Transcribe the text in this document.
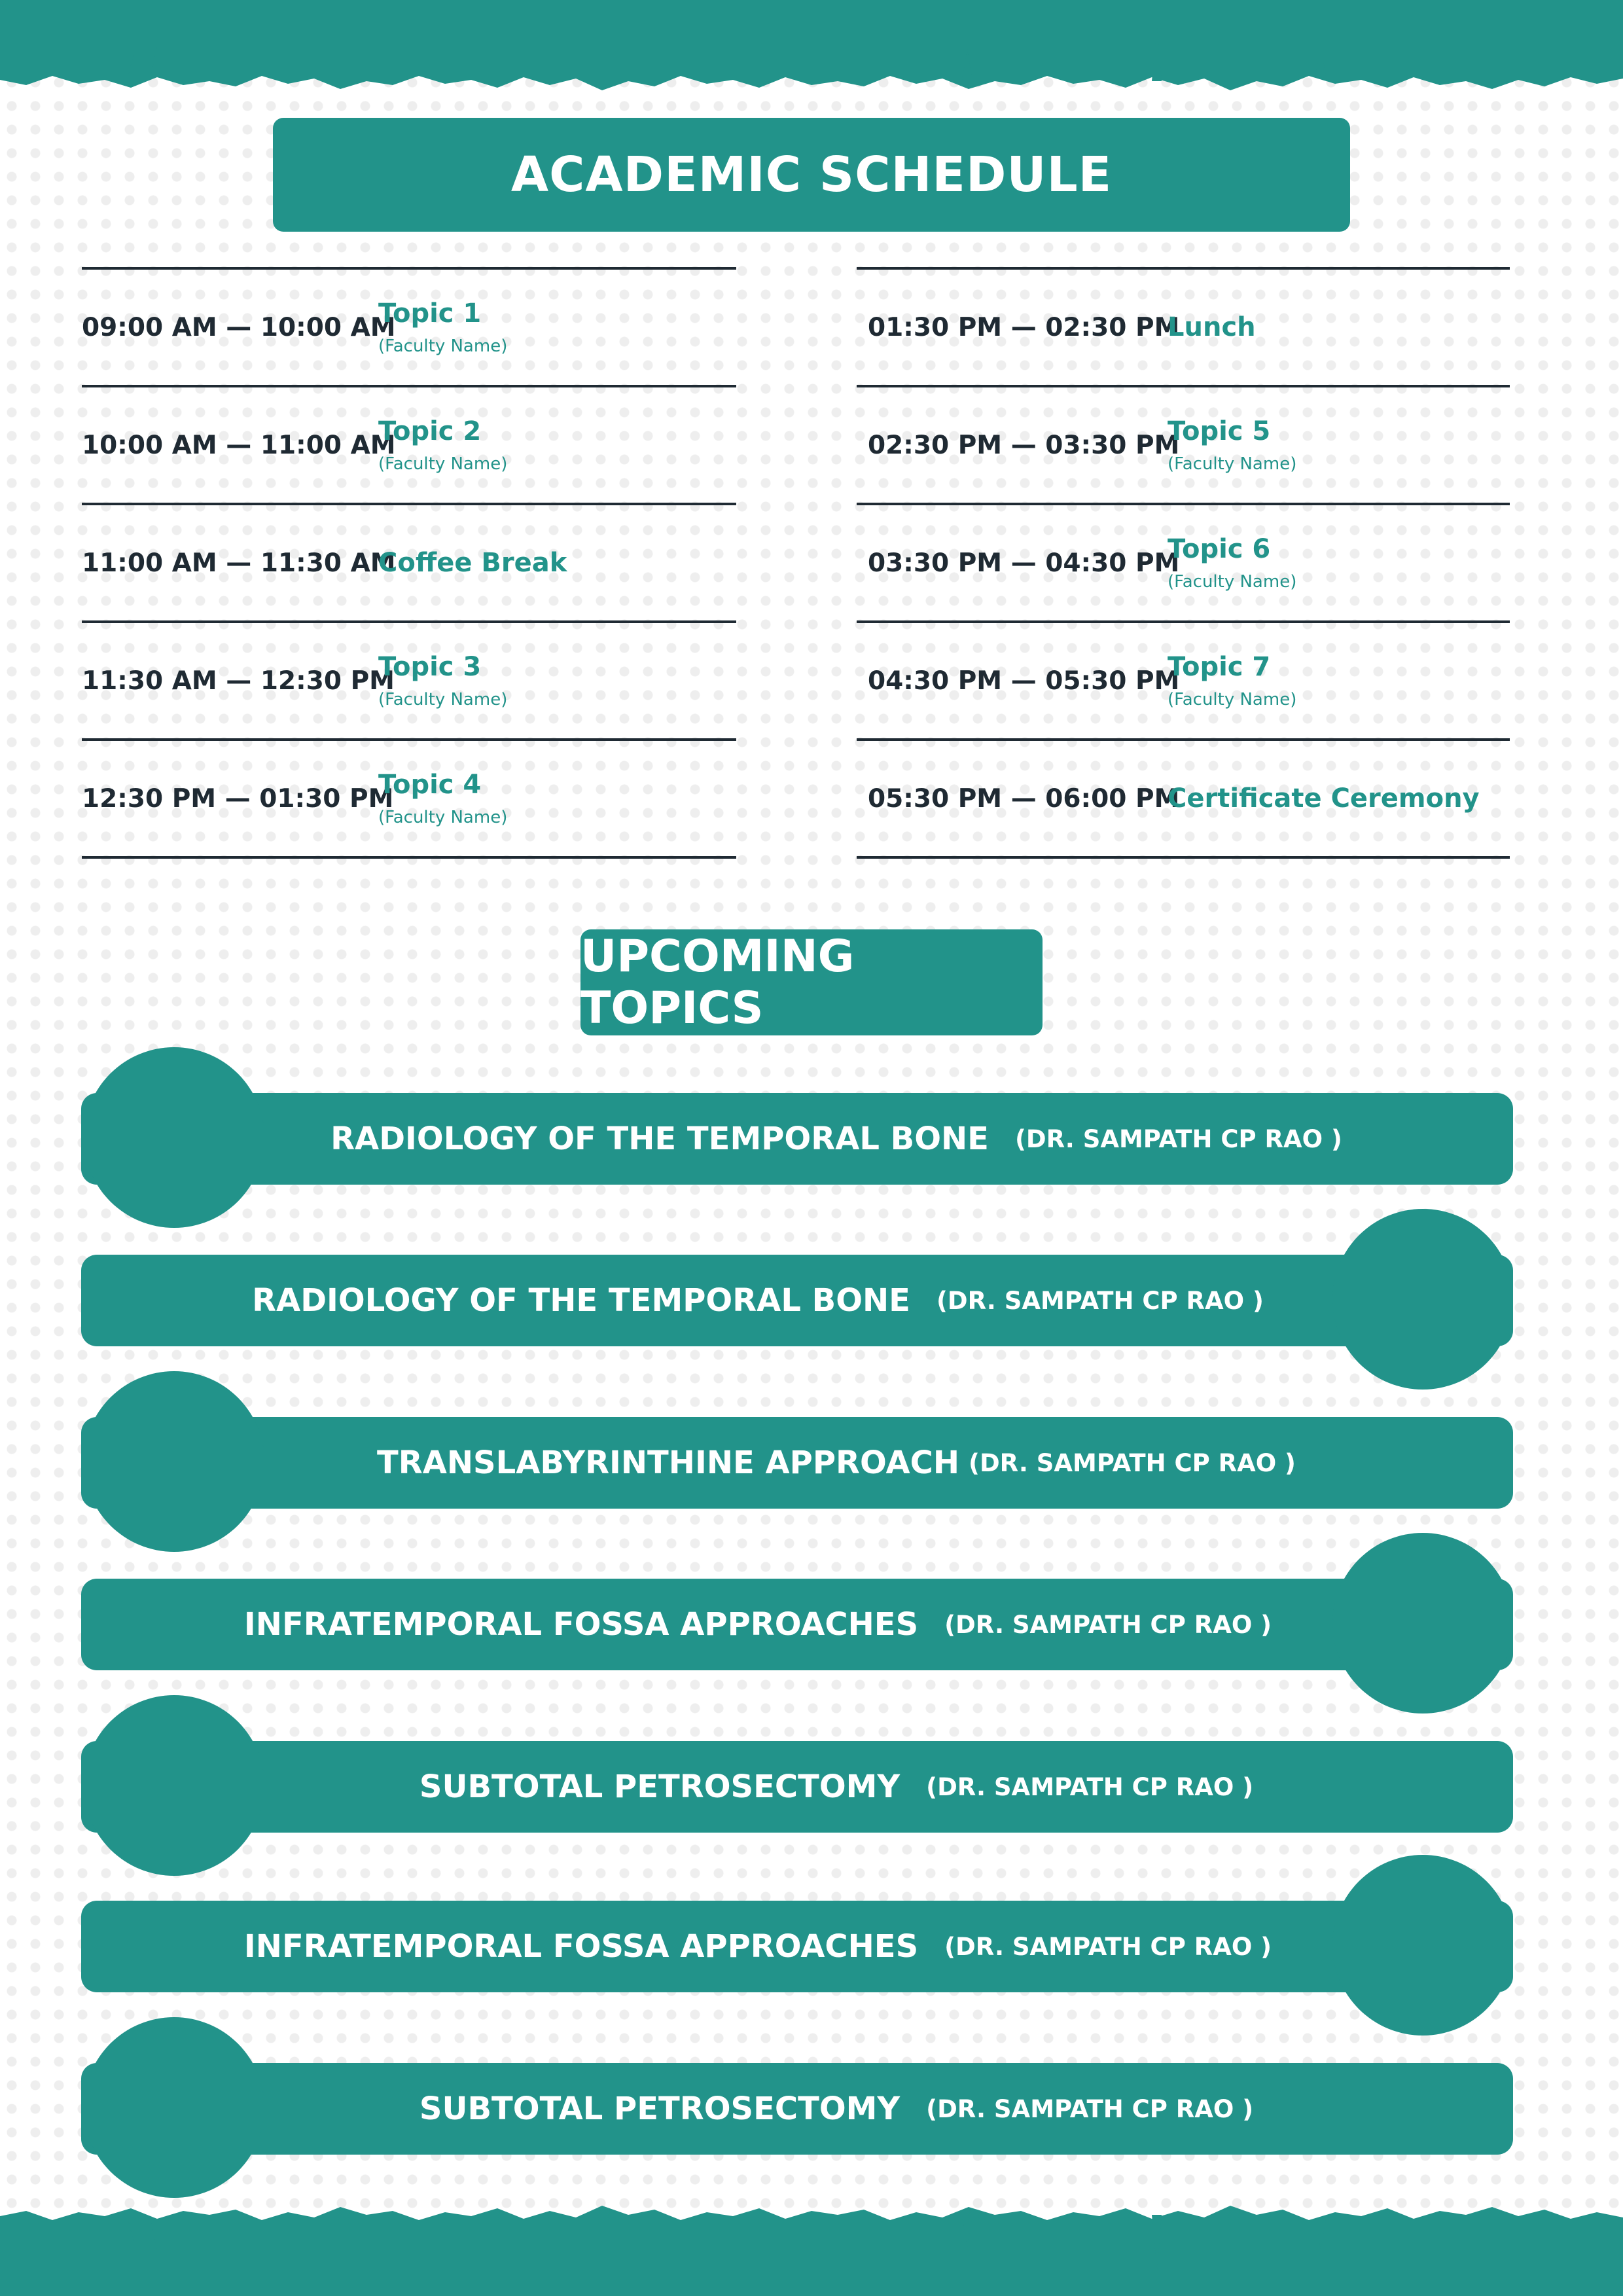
ACADEMIC SCHEDULE
09:00 AM — 10:00 AM
Topic 1
(Faculty Name)
10:00 AM — 11:00 AM
Topic 2
(Faculty Name)
11:00 AM — 11:30 AM
Coffee Break
11:30 AM — 12:30 PM
Topic 3
(Faculty Name)
12:30 PM — 01:30 PM
Topic 4
(Faculty Name)
01:30 PM — 02:30 PM
Lunch
02:30 PM — 03:30 PM
Topic 5
(Faculty Name)
03:30 PM — 04:30 PM
Topic 6
(Faculty Name)
04:30 PM — 05:30 PM
Topic 7
(Faculty Name)
05:30 PM — 06:00 PM
Certificate Ceremony
UPCOMING TOPICS
RADIOLOGY OF THE TEMPORAL BONE (DR. SAMPATH CP RAO )
RADIOLOGY OF THE TEMPORAL BONE (DR. SAMPATH CP RAO )
TRANSLABYRINTHINE APPROACH (DR. SAMPATH CP RAO )
INFRATEMPORAL FOSSA APPROACHES (DR. SAMPATH CP RAO )
SUBTOTAL PETROSECTOMY (DR. SAMPATH CP RAO )
INFRATEMPORAL FOSSA APPROACHES (DR. SAMPATH CP RAO )
SUBTOTAL PETROSECTOMY (DR. SAMPATH CP RAO )
